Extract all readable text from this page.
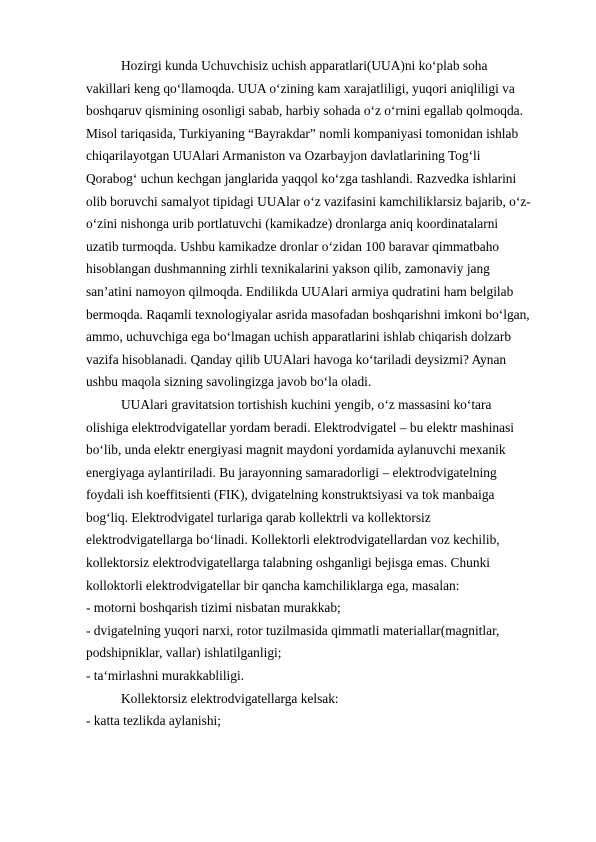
Hozirgi kunda Uchuvchisiz uchish apparatlari(UUA)ni ko‘plab soha
vakillari keng qo‘llamoqda. UUA o‘zining kam xarajatliligi, yuqori aniqliligi va
boshqaruv qismining osonligi sabab, harbiy sohada o‘z o‘rnini egallab qolmoqda.
Misol tariqasida, Turkiyaning “Bayrakdar” nomli kompaniyasi tomonidan ishlab
chiqarilayotgan UUAlari Armaniston va Ozarbayjon davlatlarining Tog‘li
Qorabog‘ uchun kechgan janglarida yaqqol ko‘zga tashlandi. Razvedka ishlarini
olib boruvchi samalyot tipidagi UUAlar o‘z vazifasini kamchiliklarsiz bajarib, o‘z-
o‘zini nishonga urib portlatuvchi (kamikadze) dronlarga aniq koordinatalarni
uzatib turmoqda. Ushbu kamikadze dronlar o‘zidan 100 baravar qimmatbaho
hisoblangan dushmanning zirhli texnikalarini yakson qilib, zamonaviy jang
san’atini namoyon qilmoqda. Endilikda UUAlari armiya qudratini ham belgilab
bermoqda. Raqamli texnologiyalar asrida masofadan boshqarishni imkoni bo‘lgan,
ammo, uchuvchiga ega bo‘lmagan uchish apparatlarini ishlab chiqarish dolzarb
vazifa hisoblanadi. Qanday qilib UUAlari havoga ko‘tariladi deysizmi? Aynan
ushbu maqola sizning savolingizga javob bo‘la oladi.
UUAlari gravitatsion tortishish kuchini yengib, o‘z massasini ko‘tara
olishiga elektrodvigatellar yordam beradi. Elektrodvigatel – bu elektr mashinasi
bo‘lib, unda elektr energiyasi magnit maydoni yordamida aylanuvchi mexanik
energiyaga aylantiriladi. Bu jarayonning samaradorligi – elektrodvigatelning
foydali ish koeffitsienti (FIK), dvigatelning konstruktsiyasi va tok manbaiga
bog‘liq. Elektrodvigatel turlariga qarab kollektrli va kollektorsiz
elektrodvigatellarga bo‘linadi. Kollektorli elektrodvigatellardan voz kechilib,
kollektorsiz elektrodvigatellarga talabning oshganligi bejisga emas. Chunki
kolloktorli elektrodvigatellar bir qancha kamchiliklarga ega, masalan:
- motorni boshqarish tizimi nisbatan murakkab;
- dvigatelning yuqori narxi, rotor tuzilmasida qimmatli materiallar(magnitlar,
podshipniklar, vallar) ishlatilganligi;
- ta‘mirlashni murakkabliligi.
Kollektorsiz elektrodvigatellarga kelsak:
- katta tezlikda aylanishi;
